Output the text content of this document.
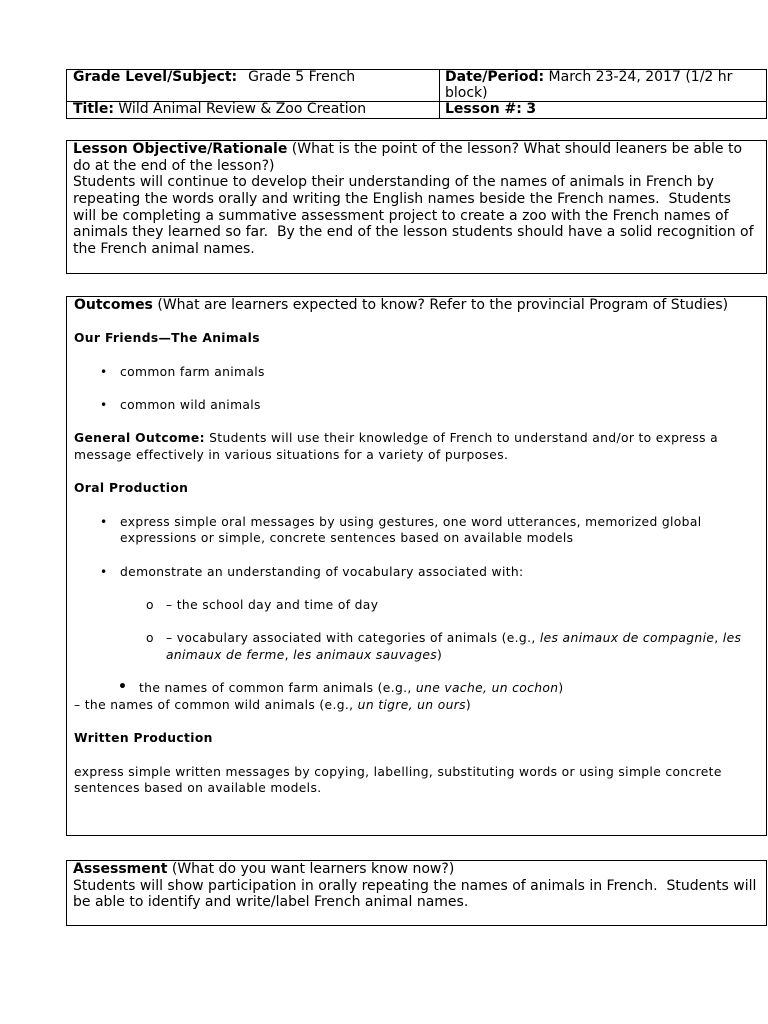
Grade Level/Subject: Grade 5 French	Date/Period: March 23-24, 2017 (1/2 hr block)
Title: Wild Animal Review & Zoo Creation	Lesson #: 3
Lesson Objective/Rationale (What is the point of the lesson? What should leaners be able to do at the end of the lesson?)
Students will continue to develop their understanding of the names of animals in French by repeating the words orally and writing the English names beside the French names.  Students will be completing a summative assessment project to create a zoo with the French names of animals they learned so far.  By the end of the lesson students should have a solid recognition of the French animal names.
Outcomes (What are learners expected to know? Refer to the provincial Program of Studies)
Our Friends—The Animals
• common farm animals
• common wild animals
General Outcome: Students will use their knowledge of French to understand and/or to express a message effectively in various situations for a variety of purposes.
Oral Production
• express simple oral messages by using gestures, one word utterances, memorized global expressions or simple, concrete sentences based on available models
• demonstrate an understanding of vocabulary associated with:
o – the school day and time of day
o – vocabulary associated with categories of animals (e.g., les animaux de compagnie, les animaux de ferme, les animaux sauvages)
• the names of common farm animals (e.g., une vache, un cochon)
– the names of common wild animals (e.g., un tigre, un ours)
Written Production
express simple written messages by copying, labelling, substituting words or using simple concrete sentences based on available models.
Assessment (What do you want learners know now?)
Students will show participation in orally repeating the names of animals in French.  Students will be able to identify and write/label French animal names.
